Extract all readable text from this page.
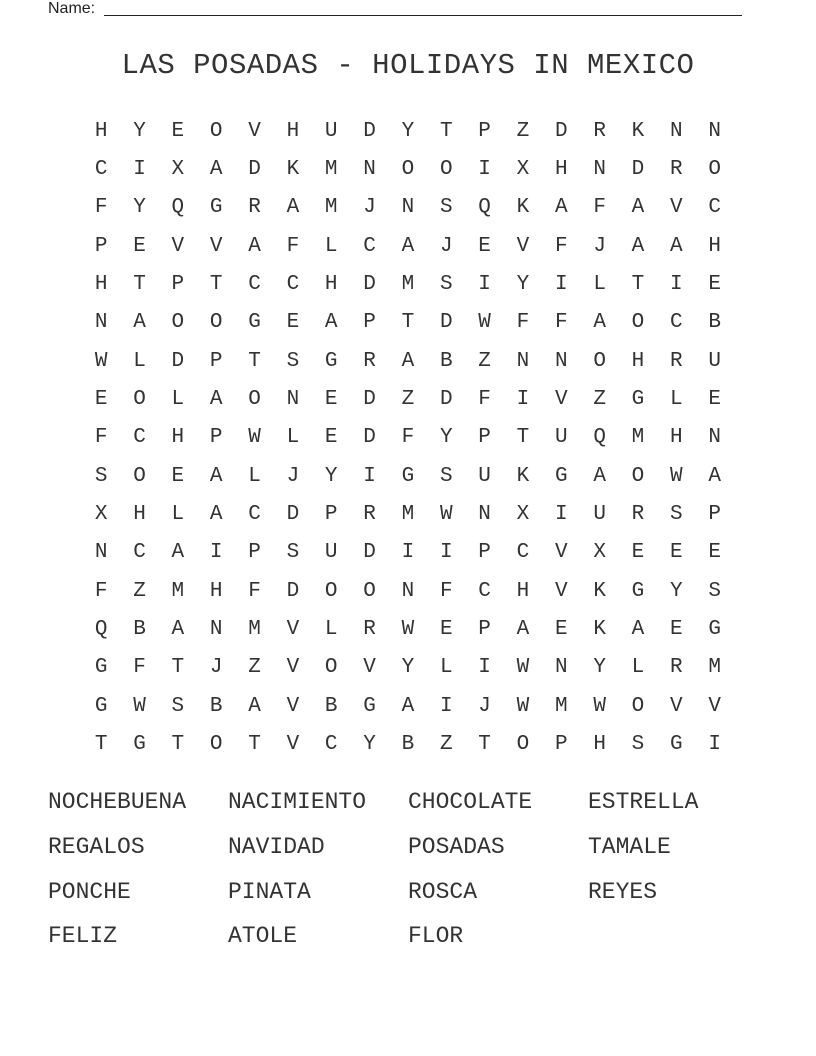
Name:
LAS POSADAS - HOLIDAYS IN MEXICO
H	Y	E	O	V	H	U	D	Y	T	P	Z	D	R	K	N	N
C	I	X	A	D	K	M	N	O	O	I	X	H	N	D	R	O
F	Y	Q	G	R	A	M	J	N	S	Q	K	A	F	A	V	C
P	E	V	V	A	F	L	C	A	J	E	V	F	J	A	A	H
H	T	P	T	C	C	H	D	M	S	I	Y	I	L	T	I	E
N	A	O	O	G	E	A	P	T	D	W	F	F	A	O	C	B
W	L	D	P	T	S	G	R	A	B	Z	N	N	O	H	R	U
E	O	L	A	O	N	E	D	Z	D	F	I	V	Z	G	L	E
F	C	H	P	W	L	E	D	F	Y	P	T	U	Q	M	H	N
S	O	E	A	L	J	Y	I	G	S	U	K	G	A	O	W	A
X	H	L	A	C	D	P	R	M	W	N	X	I	U	R	S	P
N	C	A	I	P	S	U	D	I	I	P	C	V	X	E	E	E
F	Z	M	H	F	D	O	O	N	F	C	H	V	K	G	Y	S
Q	B	A	N	M	V	L	R	W	E	P	A	E	K	A	E	G
G	F	T	J	Z	V	O	V	Y	L	I	W	N	Y	L	R	M
G	W	S	B	A	V	B	G	A	I	J	W	M	W	O	V	V
T	G	T	O	T	V	C	Y	B	Z	T	O	P	H	S	G	I
NOCHEBUENA	NACIMIENTO	CHOCOLATE	ESTRELLA
REGALOS	NAVIDAD	POSADAS	TAMALE
PONCHE	PINATA	ROSCA	REYES
FELIZ	ATOLE	FLOR
